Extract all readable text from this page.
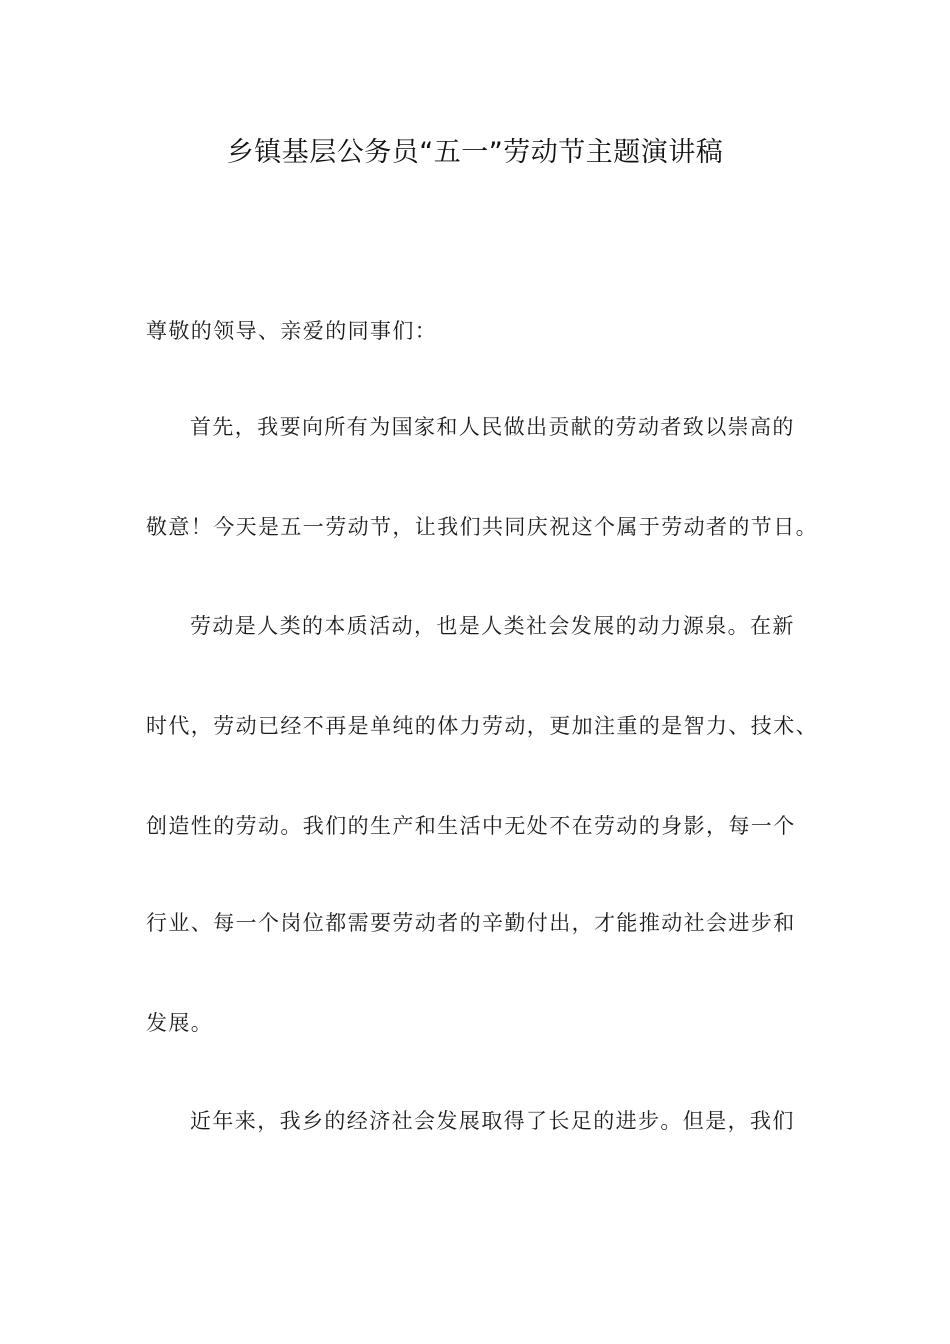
乡镇基层公务员“五一”劳动节主题演讲稿

尊敬的领导、亲爱的同事们：

首先，我要向所有为国家和人民做出贡献的劳动者致以崇高的

敬意！今天是五一劳动节，让我们共同庆祝这个属于劳动者的节日。

劳动是人类的本质活动，也是人类社会发展的动力源泉。在新

时代，劳动已经不再是单纯的体力劳动，更加注重的是智力、技术、

创造性的劳动。我们的生产和生活中无处不在劳动的身影，每一个

行业、每一个岗位都需要劳动者的辛勤付出，才能推动社会进步和

发展。

近年来，我乡的经济社会发展取得了长足的进步。但是，我们
